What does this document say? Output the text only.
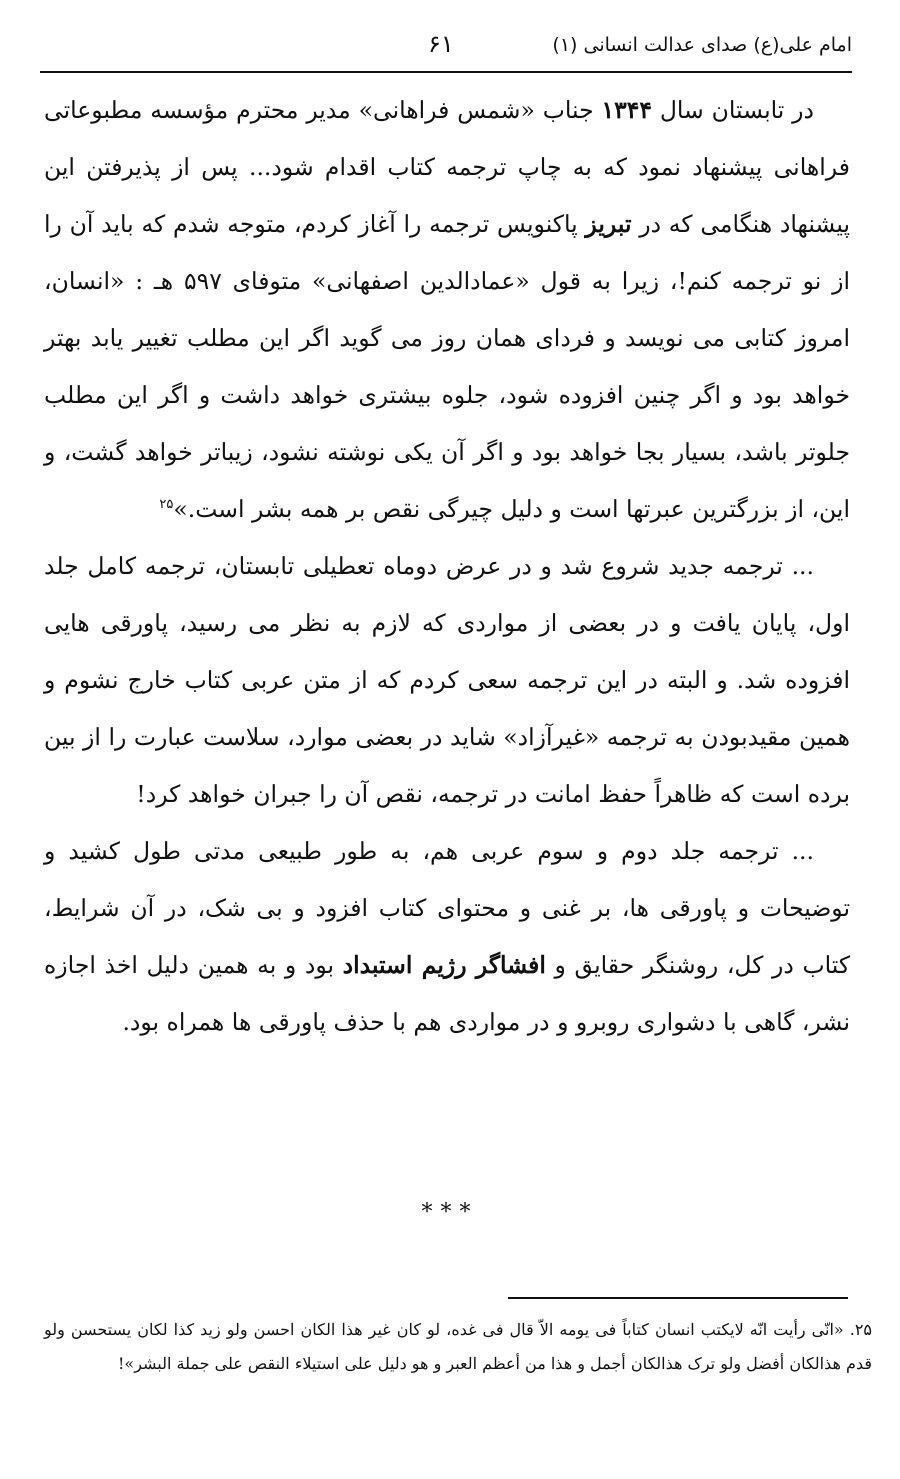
امام علی(ع) صدای عدالت انسانی (۱)
۶۱

در تابستان سال ۱۳۴۴ جناب «شمس فراهانی» مدیر محترم مؤسسه مطبوعاتی فراهانی پیشنهاد نمود که به چاپ ترجمه کتاب اقدام شود... پس از پذیرفتن این پیشنهاد هنگامی که در تبریز پاکنویس ترجمه را آغاز کردم، متوجه شدم که باید آن را از نو ترجمه کنم!، زیرا به قول «عمادالدین اصفهانی» متوفای ۵۹۷ هـ : «انسان، امروز کتابی می نویسد و فردای همان روز می گوید اگر این مطلب تغییر یابد بهتر خواهد بود و اگر چنین افزوده شود، جلوه بیشتری خواهد داشت و اگر این مطلب جلوتر باشد، بسیار بجا خواهد بود و اگر آن یکی نوشته نشود، زیباتر خواهد گشت، و این، از بزرگترین عبرتها است و دلیل چیرگی نقص بر همه بشر است.»$^{۲۵}$

... ترجمه جدید شروع شد و در عرض دوماه تعطیلی تابستان، ترجمه کامل جلد اول، پایان یافت و در بعضی از مواردی که لازم به نظر می رسید، پاورقی هایی افزوده شد. و البته در این ترجمه سعی کردم که از متن عربی کتاب خارج نشوم و همین مقیدبودن به ترجمه «غیرآزاد» شاید در بعضی موارد، سلاست عبارت را از بین برده است که ظاهراً حفظ امانت در ترجمه، نقص آن را جبران خواهد کرد!

... ترجمه جلد دوم و سوم عربی هم، به طور طبیعی مدتی طول کشید و توضیحات و پاورقی ها، بر غنی و محتوای کتاب افزود و بی شک، در آن شرایط، کتاب در کل، روشنگر حقایق و افشاگر رژیم استبداد بود و به همین دلیل اخذ اجازه نشر، گاهی با دشواری روبرو و در مواردی هم با حذف پاورقی ها همراه بود.

***
۲۵. «انّی رأیت انّه لایکتب انسان کتاباً فی یومه الاّ قال فی غده، لو کان غیر هذا الکان احسن ولو زید کذا لکان یستحسن ولو قدم هذالکان أفضل ولو ترک هذالکان أجمل و هذا من أعظم العبر و هو دلیل علی استیلاء النقص علی جملة البشر»!
